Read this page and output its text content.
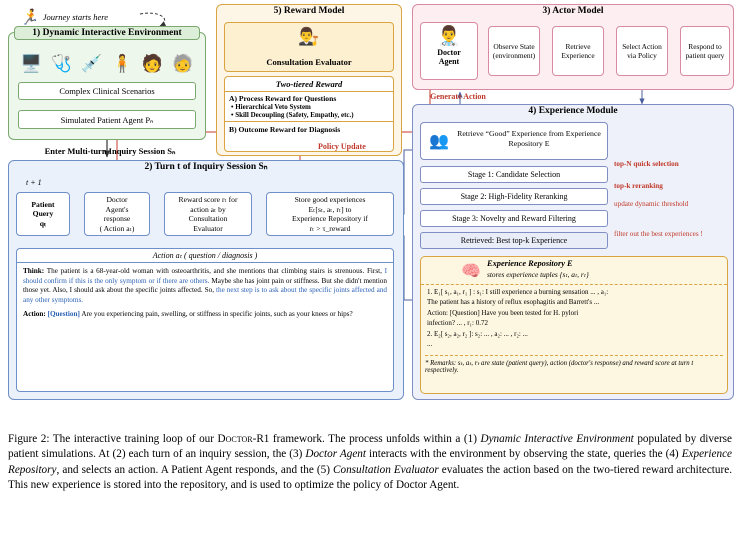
🏃 Journey starts here
1) Dynamic Interactive Environment
🖥️ 🩺 💉 🧍 🧑 🧓
Complex Clinical Scenarios
Simulated Patient Agent Pₙ
Enter Multi-turn Inquiry Session Sₙ
5) Reward Model
👨‍⚖️
Consultation Evaluator
Two-tiered Reward
A) Process Reward for Questions
• Hierarchical Veto System
• Skill Decoupling (Safety, Empathy, etc.)
B) Outcome Reward for Diagnosis
3) Actor Model
👨‍⚕️
Doctor
Agent
Observe State (environment)
Retrieve Experience
Select Action via Policy
Respond to patient query
Generate Action
Policy Update
4) Experience Module
👥 Retrieve “Good” Experience from Experience Repository E
Stage 1: Candidate Selection
Stage 2: High-Fidelity Reranking
Stage 3: Novelty and Reward Filtering
Retrieved: Best top-k Experience
top-N quick selection
top-k reranking
update dynamic threshold
filter out the best experiences !
🧠 Experience Repository E
stores experience tuples {sₜ, aₜ, rₜ}
1. E₁[ s₁, a₁, r₁ ] : s₁: I still experience a burning sensation ... , a₁:
The patient has a history of reflux esophagitis and Barrett's ...
Action: [Question] Have you been tested for H. pylori
infection? ... , r₁: 0.72
2. E₂[ s₂, a₂, r₂ ]: s₂: ... , a₂: ... , r₂: ...
...
* Remarks: sₜ, aₜ, rₜ are state (patient query), action (doctor's response) and reward score at turn t respectively.
2) Turn t of Inquiry Session Sₙ
t + 1
Patient
Query
qₜ
Doctor
Agent's
response
( Action aₜ)
Reward score rₜ for
action aₜ by
Consultation
Evaluator
Store good experiences
Eₜ[sₜ, aₜ, rₜ] to
Experience Repository if
rₜ > τ_reward
Action aₜ ( question / diagnosis )
Think: The patient is a 68-year-old woman with osteoarthritis, and she mentions that climbing stairs is strenuous. First, I should confirm if this is the only symptom or if there are others. Maybe she has joint pain or stiffness. But she didn't mention those yet. Also, I should ask about the specific joints affected. So, the next step is to ask about the specific joints affected and any other symptoms.
Action: [Question] Are you experiencing pain, swelling, or stiffness in specific joints, such as your knees or hips?
Figure 2: The interactive training loop of our Doctor-R1 framework. The process unfolds within a (1) Dynamic Interactive Environment populated by diverse patient simulations. At (2) each turn of an inquiry session, the (3) Doctor Agent interacts with the environment by observing the state, queries the (4) Experience Repository, and selects an action. A Patient Agent responds, and the (5) Consultation Evaluator evaluates the action based on the two-tiered reward architecture. This new experience is stored into the repository, and is used to optimize the policy of Doctor Agent.
